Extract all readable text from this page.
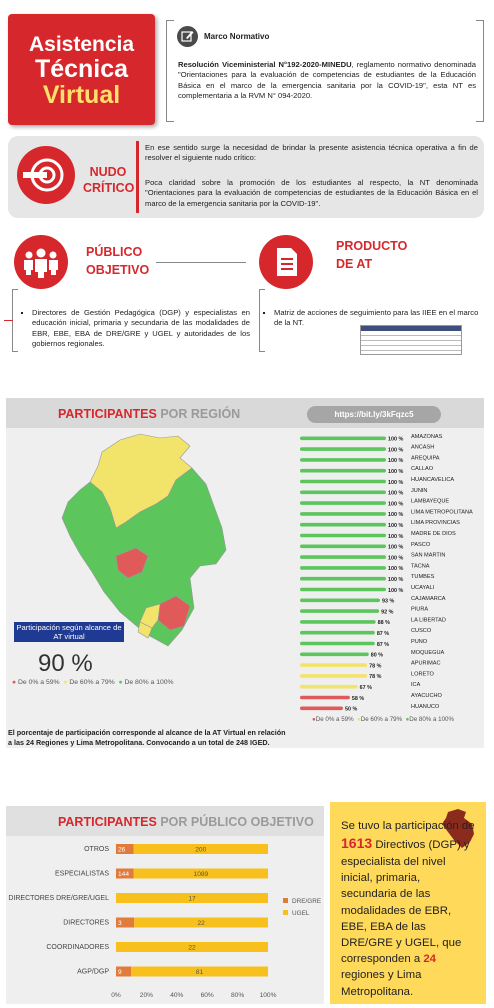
Asistencia
Técnica
Virtual
Marco Normativo
Resolución Viceministerial N°192-2020-MINEDU, reglamento normativo denominada "Orientaciones para la evaluación de competencias de estudiantes de la Educación Básica en el marco de la emergencia sanitaria por la COVID-19", esta NT es complementaria a la RVM N° 094-2020.
NUDO
CRÍTICO
En ese sentido surge la necesidad de brindar la presente asistencia técnica operativa a fin de resolver el siguiente nudo crítico:
Poca claridad sobre la promoción de los estudiantes al respecto, la NT denominada "Orientaciones para la evaluación de competencias de estudiantes de la Educación Básica en el marco de la emergencia sanitaria por la COVID-19".
PÚBLICO
OBJETIVO
PRODUCTO
DE AT
▪ Directores de Gestión Pedagógica (DGP) y especialistas en educación inicial, primaria y secundaria de las modalidades de EBR, EBE, EBA de DRE/GRE y UGEL y autoridades de los gobiernos regionales.
▪ Matriz de acciones de seguimiento para las IIEE en el marco de la NT.
PARTICIPANTES POR REGIÓN	https://bit.ly/3kFqzc5
Participación según alcance de AT virtual
90 %
● De 0% a 59% ● De 60% a 79% ● De 80% a 100%
100 % AMAZONAS
100 % ANCASH
100 % AREQUIPA
100 % CALLAO
100 % HUANCAVELICA
100 % JUNIN
100 % LAMBAYEQUE
100 % LIMA METROPOLITANA
100 % LIMA PROVINCIAS
100 % MADRE DE DIOS
100 % PASCO
100 % SAN MARTIN
100 % TACNA
100 % TUMBES
100 % UCAYALI
93 %	CAJAMARCA
92 %	PIURA
88 %	LA LIBERTAD
87 %	CUSCO
87 %	PUNO
80 %	MOQUEGUA
78 %	APURIMAC
78 %	LORETO
67 %	ICA
58 %	AYACUCHO
50 %	HUANUCO
●De 0% a 59% ●De 60% a 79% ●De 80% a 100%
El porcentaje de participación corresponde al alcance de la AT Virtual en relación a las 24 Regiones y Lima Metropolitana. Convocando a un total de 248 IGED.
PARTICIPANTES POR PÚBLICO OBJETIVO
OTROS 26	200
ESPECIALISTAS 144	1089
DIRECTORES DRE/GRE/UGEL	17
DIRECTORES 3	22
COORDINADORES	22
AGP/DGP 9	81
0%	20%	40%	60%	80% 100%
DRE/GRE
UGEL
Se tuvo la participación de 1613 Directivos (DGP) y especialista del nivel inicial, primaria, secundaria de las modalidades de EBR, EBE, EBA de las DRE/GRE y UGEL, que corresponden a 24 regiones y Lima Metropolitana.
